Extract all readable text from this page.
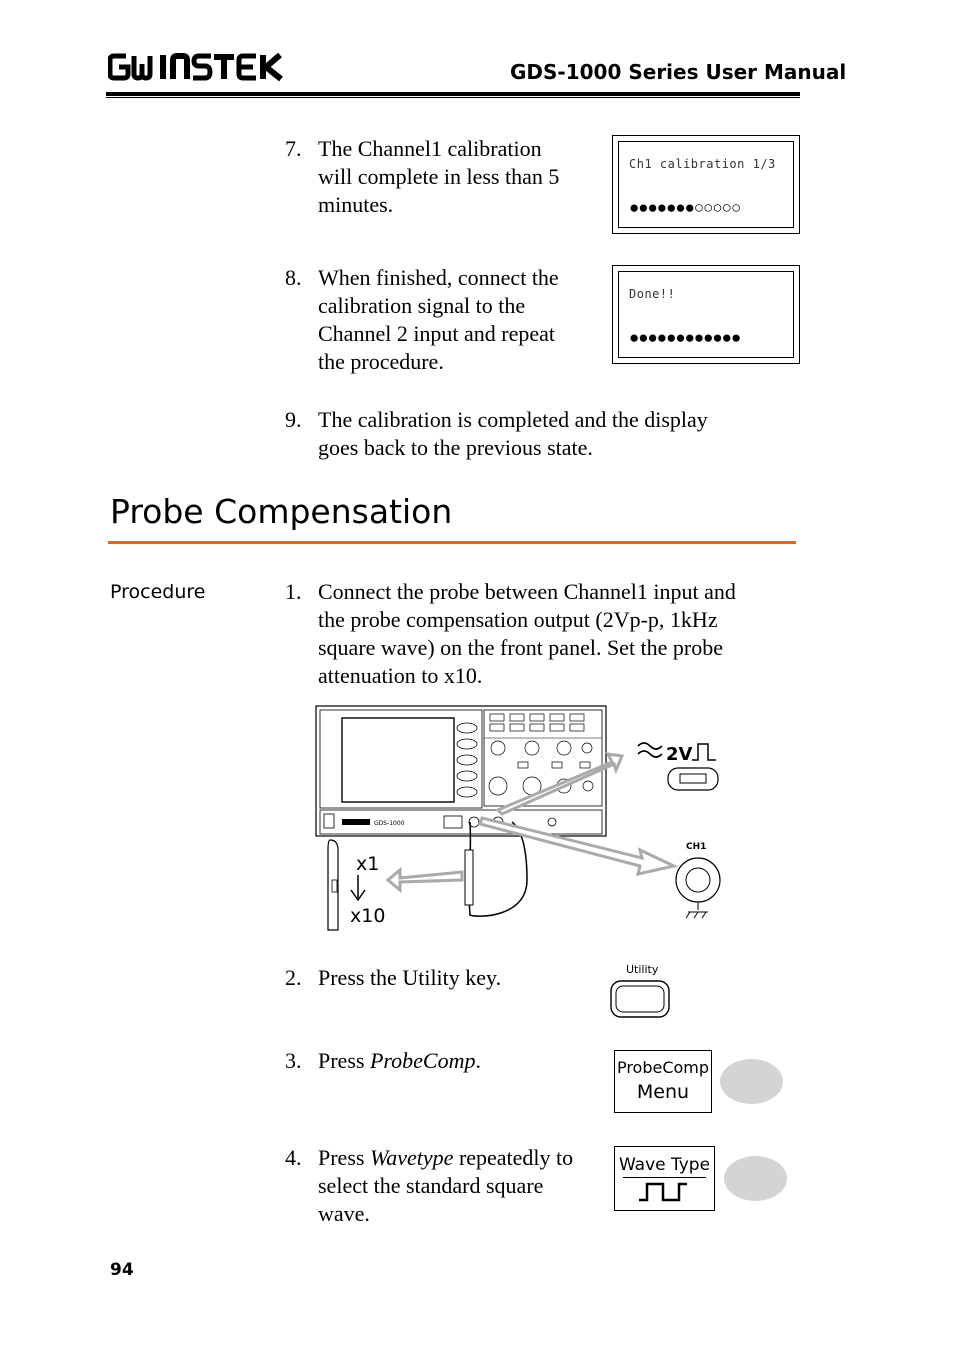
GDS-1000 Series User Manual
7. The Channel1 calibration

will complete in less than 5

minutes.

Ch1 calibration 1/3
●●●●●●●○○○○○
8. When finished, connect the

calibration signal to the

Channel 2 input and repeat

the procedure.

Done!!
●●●●●●●●●●●●
9. The calibration is completed and the display

goes back to the previous state.

Probe Compensation
Procedure	1. Connect the probe between Channel1 input and

the probe compensation output (2Vp-p, 1kHz

square wave) on the front panel. Set the probe

attenuation to x10.

GDS-1000
x1
x10
2V
CH1
2. Press the Utility key.	Utility
3. Press ProbeComp.	ProbeComp
Menu
4. Press Wavetype repeatedly to

select the standard square

wave.

Wave Type
94
